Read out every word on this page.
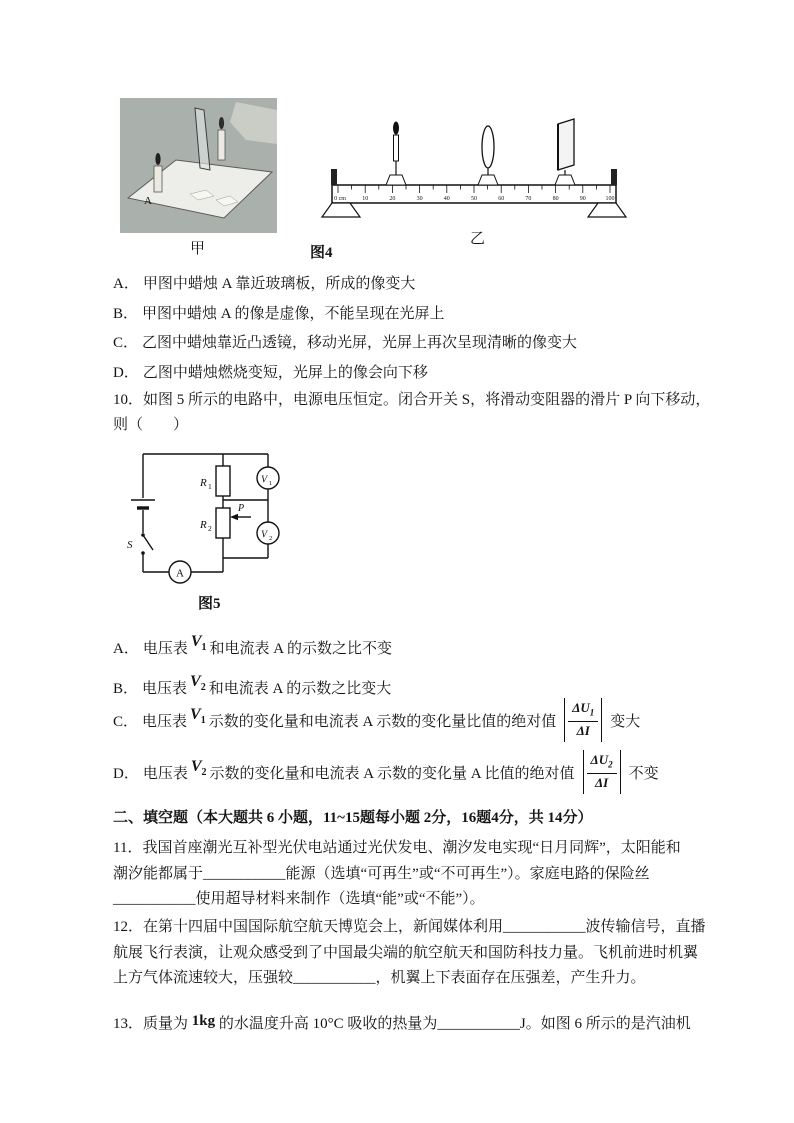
A	0 cm	10	20	30	40	50	60	70	80	90	100
甲	图4
乙
A． 甲图中蜡烛 A 靠近玻璃板，所成的像变大
B． 甲图中蜡烛 A 的像是虚像，不能呈现在光屏上
C． 乙图中蜡烛靠近凸透镜，移动光屏，光屏上再次呈现清晰的像变大
D． 乙图中蜡烛燃烧变短，光屏上的像会向下移
10．如图 5 所示的电路中，电源电压恒定。闭合开关 S，将滑动变阻器的滑片 P 向下移动，
则（　　）
R 1
R 2
P
S
A
V 1
V 2
图5
A． 电压表 $V_1$ 和电流表 A 的示数之比不变
B． 电压表 $V_2$ 和电流表 A 的示数之比变大
C． 电压表 $V_1$ 示数的变化量和电流表 A 示数的变化量比值的绝对值 $\frac{\Delta U_1}{\Delta I}$ 变大
D． 电压表 $V_2$ 示数的变化量和电流表 A 示数的变化量 A 比值的绝对值 $\frac{\Delta U_2}{\Delta I}$ 不变
二、填空题（本大题共 6 小题，11~15题每小题 2分，16题4分，共 14分）
11．我国首座潮光互补型光伏电站通过光伏发电、潮汐发电实现“日月同辉”，太阳能和
潮汐能都属于___________能源（选填“可再生”或“不可再生”）。家庭电路的保险丝
___________使用超导材料来制作（选填“能”或“不能”）。
12．在第十四届中国国际航空航天博览会上，新闻媒体利用___________波传输信号，直播
航展飞行表演，让观众感受到了中国最尖端的航空航天和国防科技力量。飞机前进时机翼
上方气体流速较大，压强较___________，机翼上下表面存在压强差，产生升力。
13．质量为 1kg 的水温度升高 10°C 吸收的热量为___________J。如图 6 所示的是汽油机
